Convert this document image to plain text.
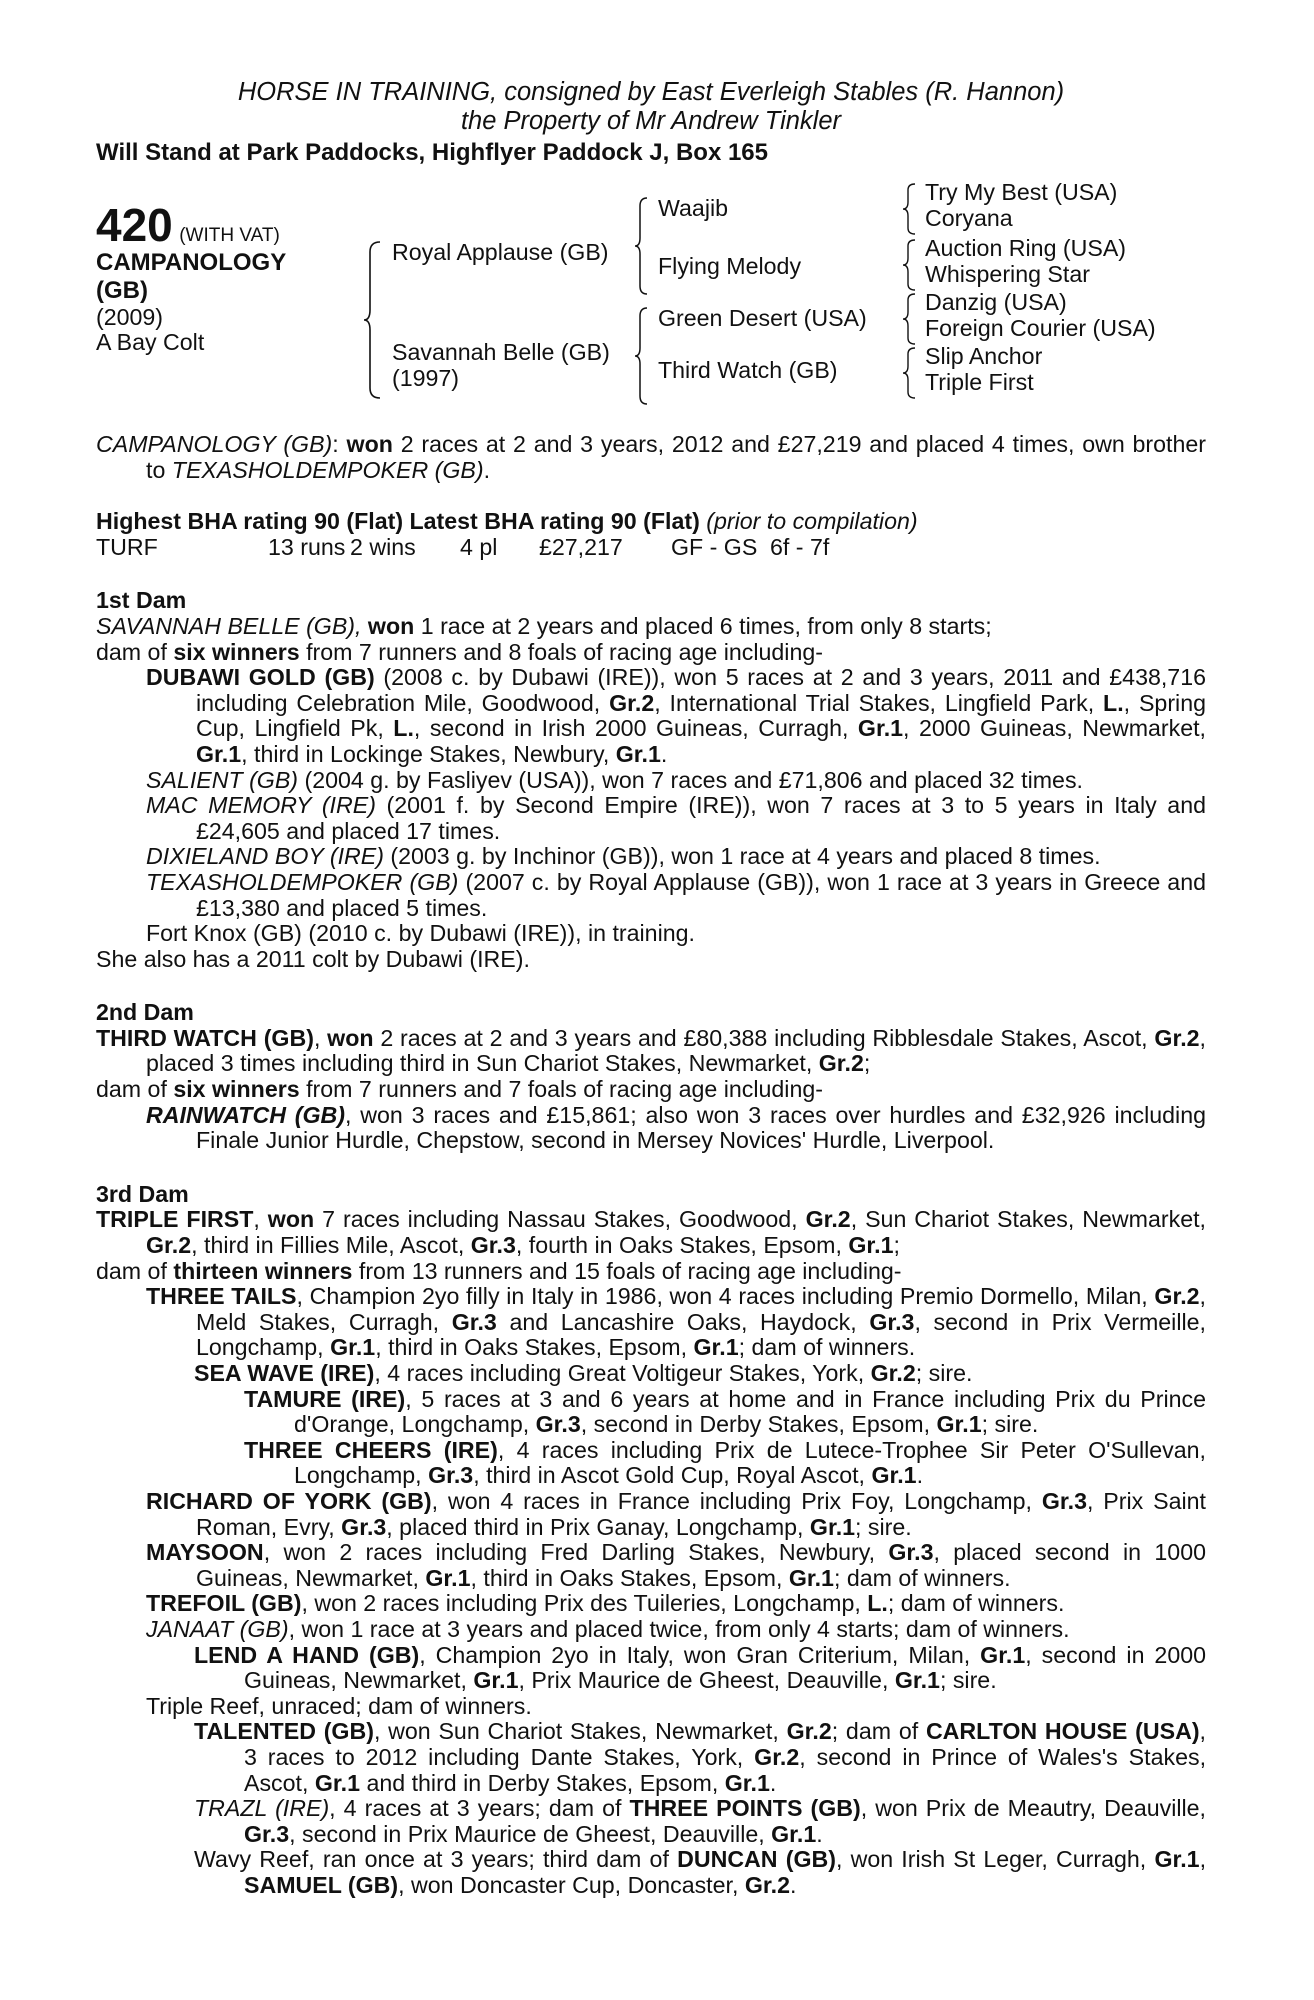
HORSE IN TRAINING, consigned by East Everleigh Stables (R. Hannon)
the Property of Mr Andrew Tinkler
Will Stand at Park Paddocks, Highflyer Paddock J, Box 165
420 (WITH VAT)
CAMPANOLOGY
(GB)
(2009)
A Bay Colt
Royal Applause (GB)
Savannah Belle (GB)
(1997)
Waajib
Flying Melody
Green Desert (USA)
Third Watch (GB)
Try My Best (USA)
Coryana
Auction Ring (USA)
Whispering Star
Danzig (USA)
Foreign Courier (USA)
Slip Anchor
Triple First

CAMPANOLOGY (GB): won 2 races at 2 and 3 years, 2012 and £27,219 and placed 4 times, own brother to TEXASHOLDEMPOKER (GB).

Highest BHA rating 90 (Flat) Latest BHA rating 90 (Flat) (prior to compilation)
TURF	13 runs 2 wins	4 pl	£27,217	GF - GS 6f - 7f
1st Dam

SAVANNAH BELLE (GB), won 1 race at 2 years and placed 6 times, from only 8 starts;

dam of six winners from 7 runners and 8 foals of racing age including-

DUBAWI GOLD (GB) (2008 c. by Dubawi (IRE)), won 5 races at 2 and 3 years, 2011 and £438,716 including Celebration Mile, Goodwood, Gr.2, International Trial Stakes, Lingfield Park, L., Spring Cup, Lingfield Pk, L., second in Irish 2000 Guineas, Curragh, Gr.1, 2000 Guineas, Newmarket, Gr.1, third in Lockinge Stakes, Newbury, Gr.1.

SALIENT (GB) (2004 g. by Fasliyev (USA)), won 7 races and £71,806 and placed 32 times.

MAC MEMORY (IRE) (2001 f. by Second Empire (IRE)), won 7 races at 3 to 5 years in Italy and £24,605 and placed 17 times.

DIXIELAND BOY (IRE) (2003 g. by Inchinor (GB)), won 1 race at 4 years and placed 8 times.

TEXASHOLDEMPOKER (GB) (2007 c. by Royal Applause (GB)), won 1 race at 3 years in Greece and £13,380 and placed 5 times.

Fort Knox (GB) (2010 c. by Dubawi (IRE)), in training.

She also has a 2011 colt by Dubawi (IRE).

2nd Dam

THIRD WATCH (GB), won 2 races at 2 and 3 years and £80,388 including Ribblesdale Stakes, Ascot, Gr.2, placed 3 times including third in Sun Chariot Stakes, Newmarket, Gr.2;

dam of six winners from 7 runners and 7 foals of racing age including-

RAINWATCH (GB), won 3 races and £15,861; also won 3 races over hurdles and £32,926 including Finale Junior Hurdle, Chepstow, second in Mersey Novices' Hurdle, Liverpool.

3rd Dam

TRIPLE FIRST, won 7 races including Nassau Stakes, Goodwood, Gr.2, Sun Chariot Stakes, Newmarket, Gr.2, third in Fillies Mile, Ascot, Gr.3, fourth in Oaks Stakes, Epsom, Gr.1;

dam of thirteen winners from 13 runners and 15 foals of racing age including-

THREE TAILS, Champion 2yo filly in Italy in 1986, won 4 races including Premio Dormello, Milan, Gr.2, Meld Stakes, Curragh, Gr.3 and Lancashire Oaks, Haydock, Gr.3, second in Prix Vermeille, Longchamp, Gr.1, third in Oaks Stakes, Epsom, Gr.1; dam of winners.

SEA WAVE (IRE), 4 races including Great Voltigeur Stakes, York, Gr.2; sire.

TAMURE (IRE), 5 races at 3 and 6 years at home and in France including Prix du Prince d'Orange, Longchamp, Gr.3, second in Derby Stakes, Epsom, Gr.1; sire.

THREE CHEERS (IRE), 4 races including Prix de Lutece-Trophee Sir Peter O'Sullevan, Longchamp, Gr.3, third in Ascot Gold Cup, Royal Ascot, Gr.1.

RICHARD OF YORK (GB), won 4 races in France including Prix Foy, Longchamp, Gr.3, Prix Saint Roman, Evry, Gr.3, placed third in Prix Ganay, Longchamp, Gr.1; sire.

MAYSOON, won 2 races including Fred Darling Stakes, Newbury, Gr.3, placed second in 1000 Guineas, Newmarket, Gr.1, third in Oaks Stakes, Epsom, Gr.1; dam of winners.

TREFOIL (GB), won 2 races including Prix des Tuileries, Longchamp, L.; dam of winners.

JANAAT (GB), won 1 race at 3 years and placed twice, from only 4 starts; dam of winners.

LEND A HAND (GB), Champion 2yo in Italy, won Gran Criterium, Milan, Gr.1, second in 2000 Guineas, Newmarket, Gr.1, Prix Maurice de Gheest, Deauville, Gr.1; sire.

Triple Reef, unraced; dam of winners.

TALENTED (GB), won Sun Chariot Stakes, Newmarket, Gr.2; dam of CARLTON HOUSE (USA), 3 races to 2012 including Dante Stakes, York, Gr.2, second in Prince of Wales's Stakes, Ascot, Gr.1 and third in Derby Stakes, Epsom, Gr.1.

TRAZL (IRE), 4 races at 3 years; dam of THREE POINTS (GB), won Prix de Meautry, Deauville, Gr.3, second in Prix Maurice de Gheest, Deauville, Gr.1.

Wavy Reef, ran once at 3 years; third dam of DUNCAN (GB), won Irish St Leger, Curragh, Gr.1, SAMUEL (GB), won Doncaster Cup, Doncaster, Gr.2.
